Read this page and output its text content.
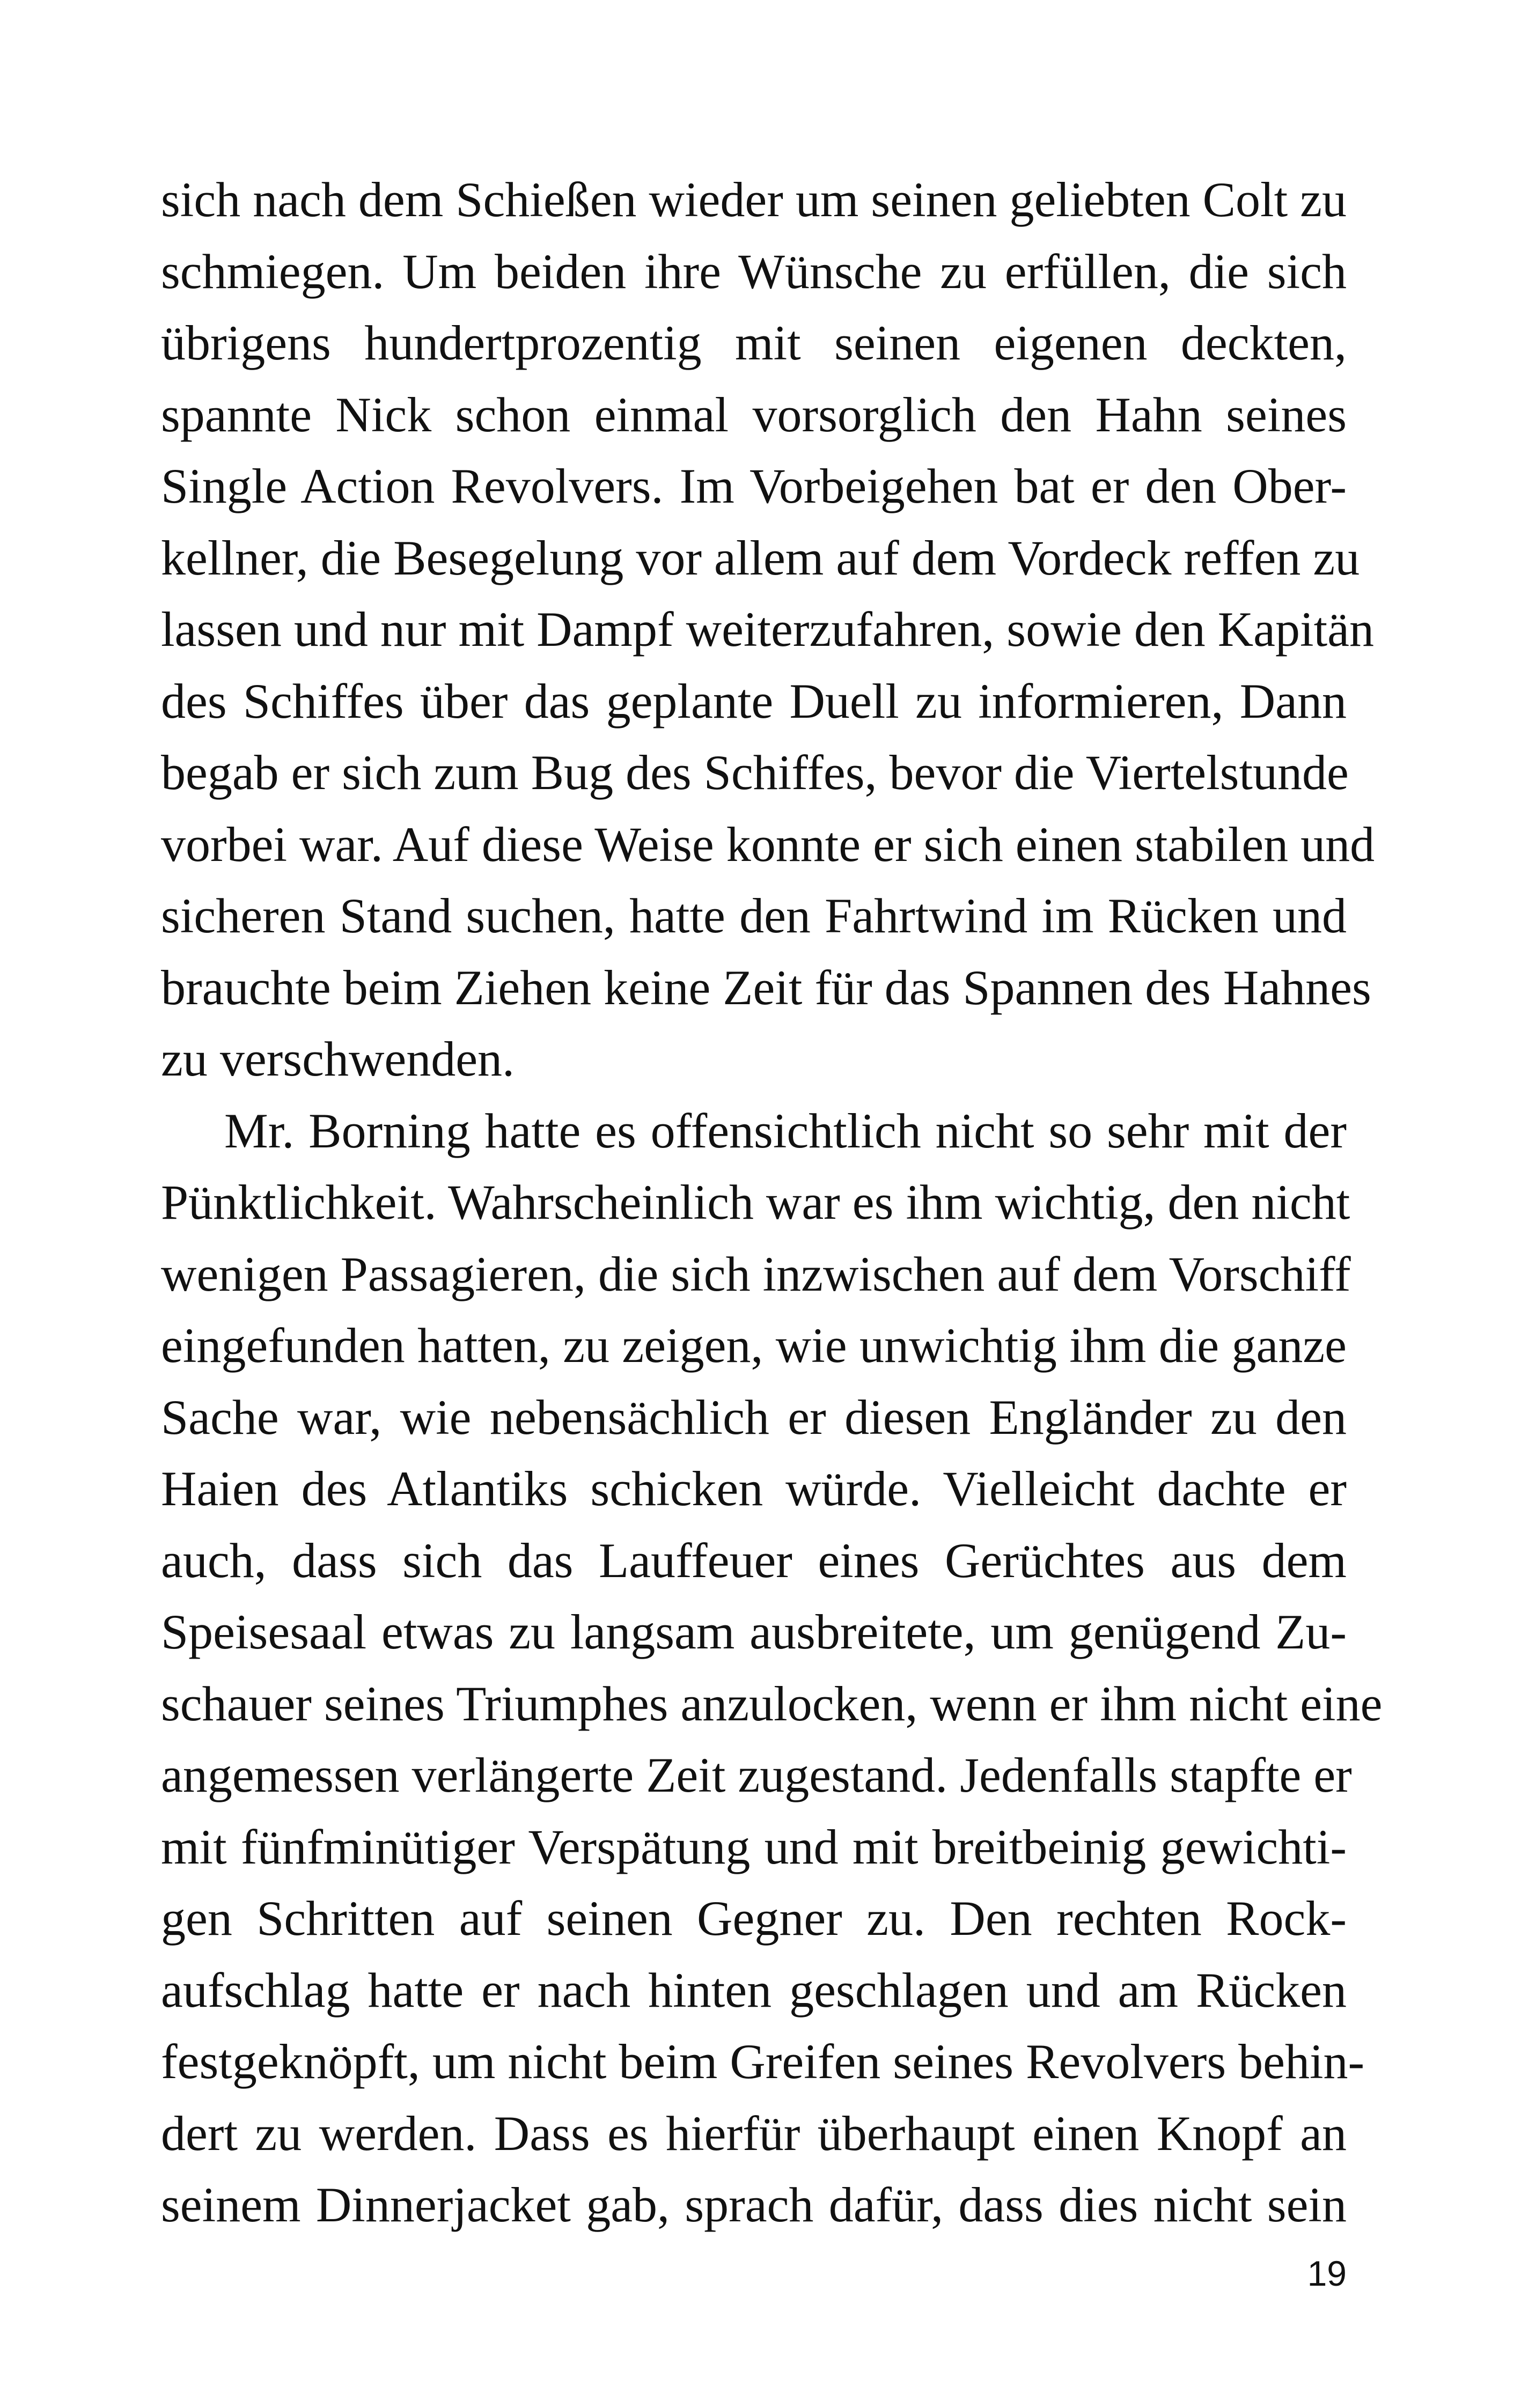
sich nach dem Schießen wieder um seinen geliebten Colt zu
schmiegen. Um beiden ihre Wünsche zu erfüllen, die sich
übrigens hundertprozentig mit seinen eigenen deckten,
spannte Nick schon einmal vorsorglich den Hahn seines
Single Action Revolvers. Im Vorbeigehen bat er den Ober-
kellner, die Besegelung vor allem auf dem Vordeck reffen zu
lassen und nur mit Dampf weiterzufahren, sowie den Kapitän
des Schiffes über das geplante Duell zu informieren, Dann
begab er sich zum Bug des Schiffes, bevor die Viertelstunde
vorbei war. Auf diese Weise konnte er sich einen stabilen und
sicheren Stand suchen, hatte den Fahrtwind im Rücken und
brauchte beim Ziehen keine Zeit für das Spannen des Hahnes
zu verschwenden.
Mr. Borning hatte es offensichtlich nicht so sehr mit der
Pünktlichkeit. Wahrscheinlich war es ihm wichtig, den nicht
wenigen Passagieren, die sich inzwischen auf dem Vorschiff
eingefunden hatten, zu zeigen, wie unwichtig ihm die ganze
Sache war, wie nebensächlich er diesen Engländer zu den
Haien des Atlantiks schicken würde. Vielleicht dachte er
auch, dass sich das Lauffeuer eines Gerüchtes aus dem
Speisesaal etwas zu langsam ausbreitete, um genügend Zu-
schauer seines Triumphes anzulocken, wenn er ihm nicht eine
angemessen verlängerte Zeit zugestand. Jedenfalls stapfte er
mit fünfminütiger Verspätung und mit breitbeinig gewichti-
gen Schritten auf seinen Gegner zu. Den rechten Rock-
aufschlag hatte er nach hinten geschlagen und am Rücken
festgeknöpft, um nicht beim Greifen seines Revolvers behin-
dert zu werden. Dass es hierfür überhaupt einen Knopf an
seinem Dinnerjacket gab, sprach dafür, dass dies nicht sein
19
